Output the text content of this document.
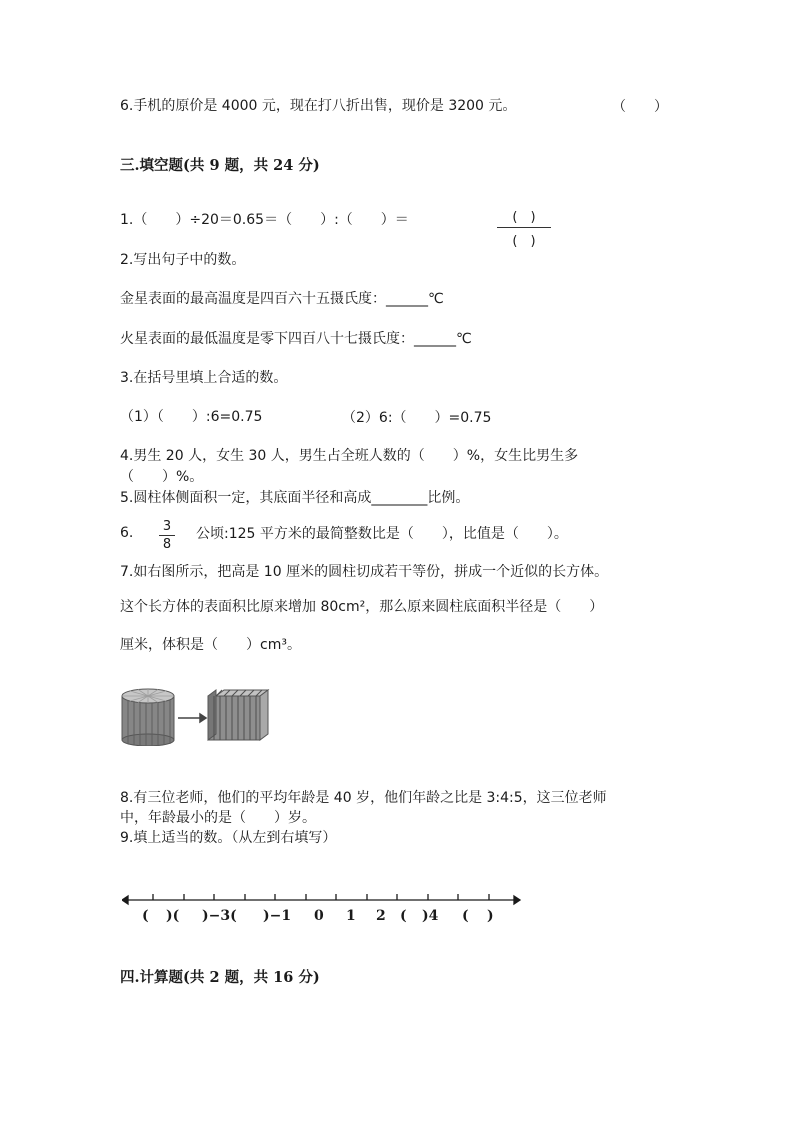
6.手机的原价是 4000 元，现在打八折出售，现价是 3200 元。	（　　）
三.填空题(共 9 题，共 24 分)
1.（　　）÷20＝0.65＝（　　）:（　　）＝	(　)
(　)
2.写出句子中的数。
金星表面的最高温度是四百六十五摄氏度：______℃
火星表面的最低温度是零下四百八十七摄氏度：______℃
3.在括号里填上合适的数。
（1）（　　）:6=0.75	（2）6:（　　）=0.75
4.男生 20 人，女生 30 人，男生占全班人数的（　　）%，女生比男生多
（　　）%。
5.圆柱体侧面积一定，其底面半径和高成________比例。
6. 3
8
公顷:125 平方米的最简整数比是（　　），比值是（　　）。
7.如右图所示，把高是 10 厘米的圆柱切成若干等份，拼成一个近似的长方体。
这个长方体的表面积比原来增加 80cm²，那么原来圆柱底面积半径是（　　）
厘米，体积是（　　）cm³。
8.有三位老师，他们的平均年龄是 40 岁，他们年龄之比是 3:4:5，这三位老师
中，年龄最小的是（　　）岁。
9.填上适当的数。（从左到右填写）
( )( )−3( )−1 0 1 2 ( )4 ( )
四.计算题(共 2 题，共 16 分)
